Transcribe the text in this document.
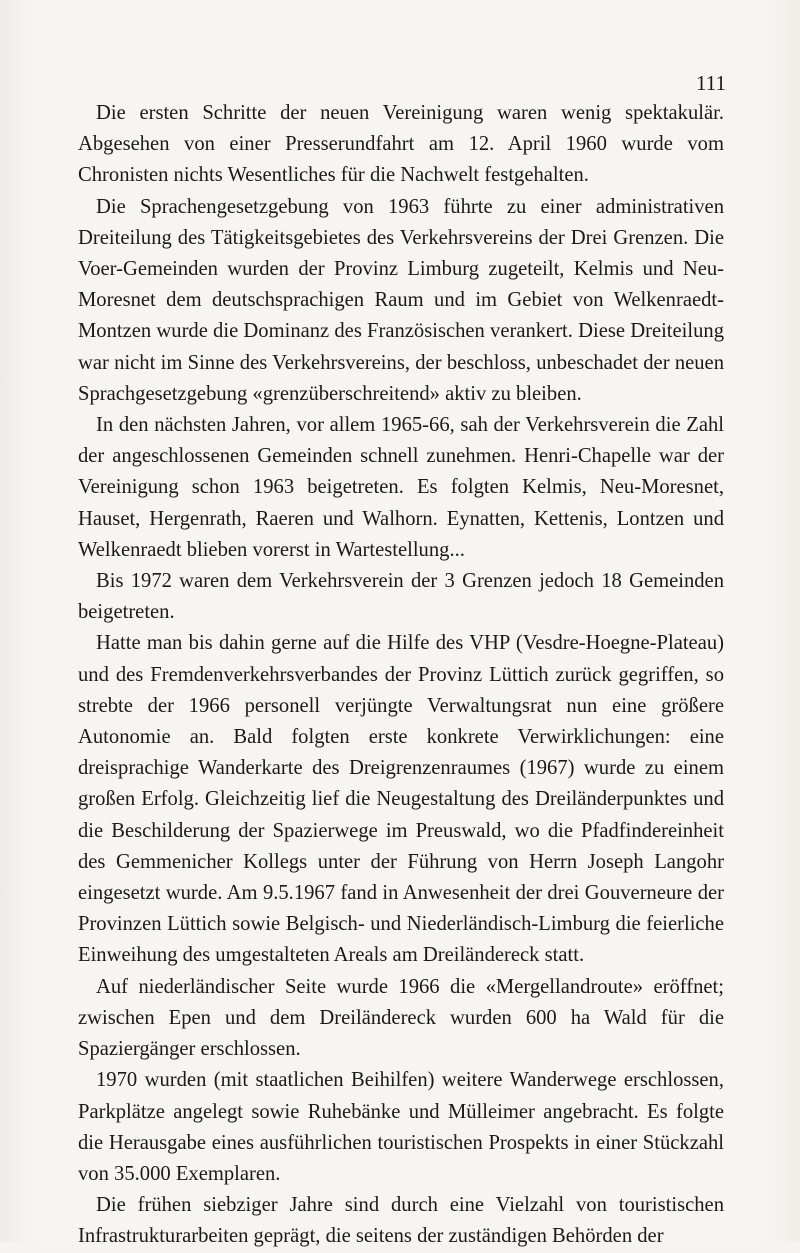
111

Die ersten Schritte der neuen Vereinigung waren wenig spektakulär. Abgesehen von einer Presserundfahrt am 12. April 1960 wurde vom Chronisten nichts Wesentliches für die Nachwelt festgehalten.

Die Sprachengesetzgebung von 1963 führte zu einer administrativen Dreiteilung des Tätigkeitsgebietes des Verkehrsvereins der Drei Grenzen. Die Voer-Gemeinden wurden der Provinz Limburg zugeteilt, Kelmis und Neu-Moresnet dem deutschsprachigen Raum und im Gebiet von Welkenraedt-Montzen wurde die Dominanz des Französischen verankert. Diese Dreiteilung war nicht im Sinne des Verkehrsvereins, der beschloss, unbeschadet der neuen Sprachgesetzgebung «grenzüberschreitend» aktiv zu bleiben.

In den nächsten Jahren, vor allem 1965-66, sah der Verkehrsverein die Zahl der angeschlossenen Gemeinden schnell zunehmen. Henri-Chapelle war der Vereinigung schon 1963 beigetreten. Es folgten Kelmis, Neu-Moresnet, Hauset, Hergenrath, Raeren und Walhorn. Eynatten, Kettenis, Lontzen und Welkenraedt blieben vorerst in Wartestellung...

Bis 1972 waren dem Verkehrsverein der 3 Grenzen jedoch 18 Gemeinden beigetreten.

Hatte man bis dahin gerne auf die Hilfe des VHP (Vesdre-Hoegne-Plateau) und des Fremdenverkehrsverbandes der Provinz Lüttich zurück gegriffen, so strebte der 1966 personell verjüngte Verwaltungsrat nun eine größere Autonomie an. Bald folgten erste konkrete Verwirklichungen: eine dreisprachige Wanderkarte des Dreigrenzenraumes (1967) wurde zu einem großen Erfolg. Gleichzeitig lief die Neugestaltung des Dreiländerpunktes und die Beschilderung der Spazierwege im Preuswald, wo die Pfadfindereinheit des Gemmenicher Kollegs unter der Führung von Herrn Joseph Langohr eingesetzt wurde. Am 9.5.1967 fand in Anwesenheit der drei Gouverneure der Provinzen Lüttich sowie Belgisch- und Niederländisch-Limburg die feierliche Einweihung des umgestalteten Areals am Dreiländereck statt.

Auf niederländischer Seite wurde 1966 die «Mergellandroute» eröffnet; zwischen Epen und dem Dreiländereck wurden 600 ha Wald für die Spaziergänger erschlossen.

1970 wurden (mit staatlichen Beihilfen) weitere Wanderwege erschlossen, Parkplätze angelegt sowie Ruhebänke und Mülleimer angebracht. Es folgte die Herausgabe eines ausführlichen touristischen Prospekts in einer Stückzahl von 35.000 Exemplaren.

Die frühen siebziger Jahre sind durch eine Vielzahl von touristischen Infrastrukturarbeiten geprägt, die seitens der zuständigen Behörden der
